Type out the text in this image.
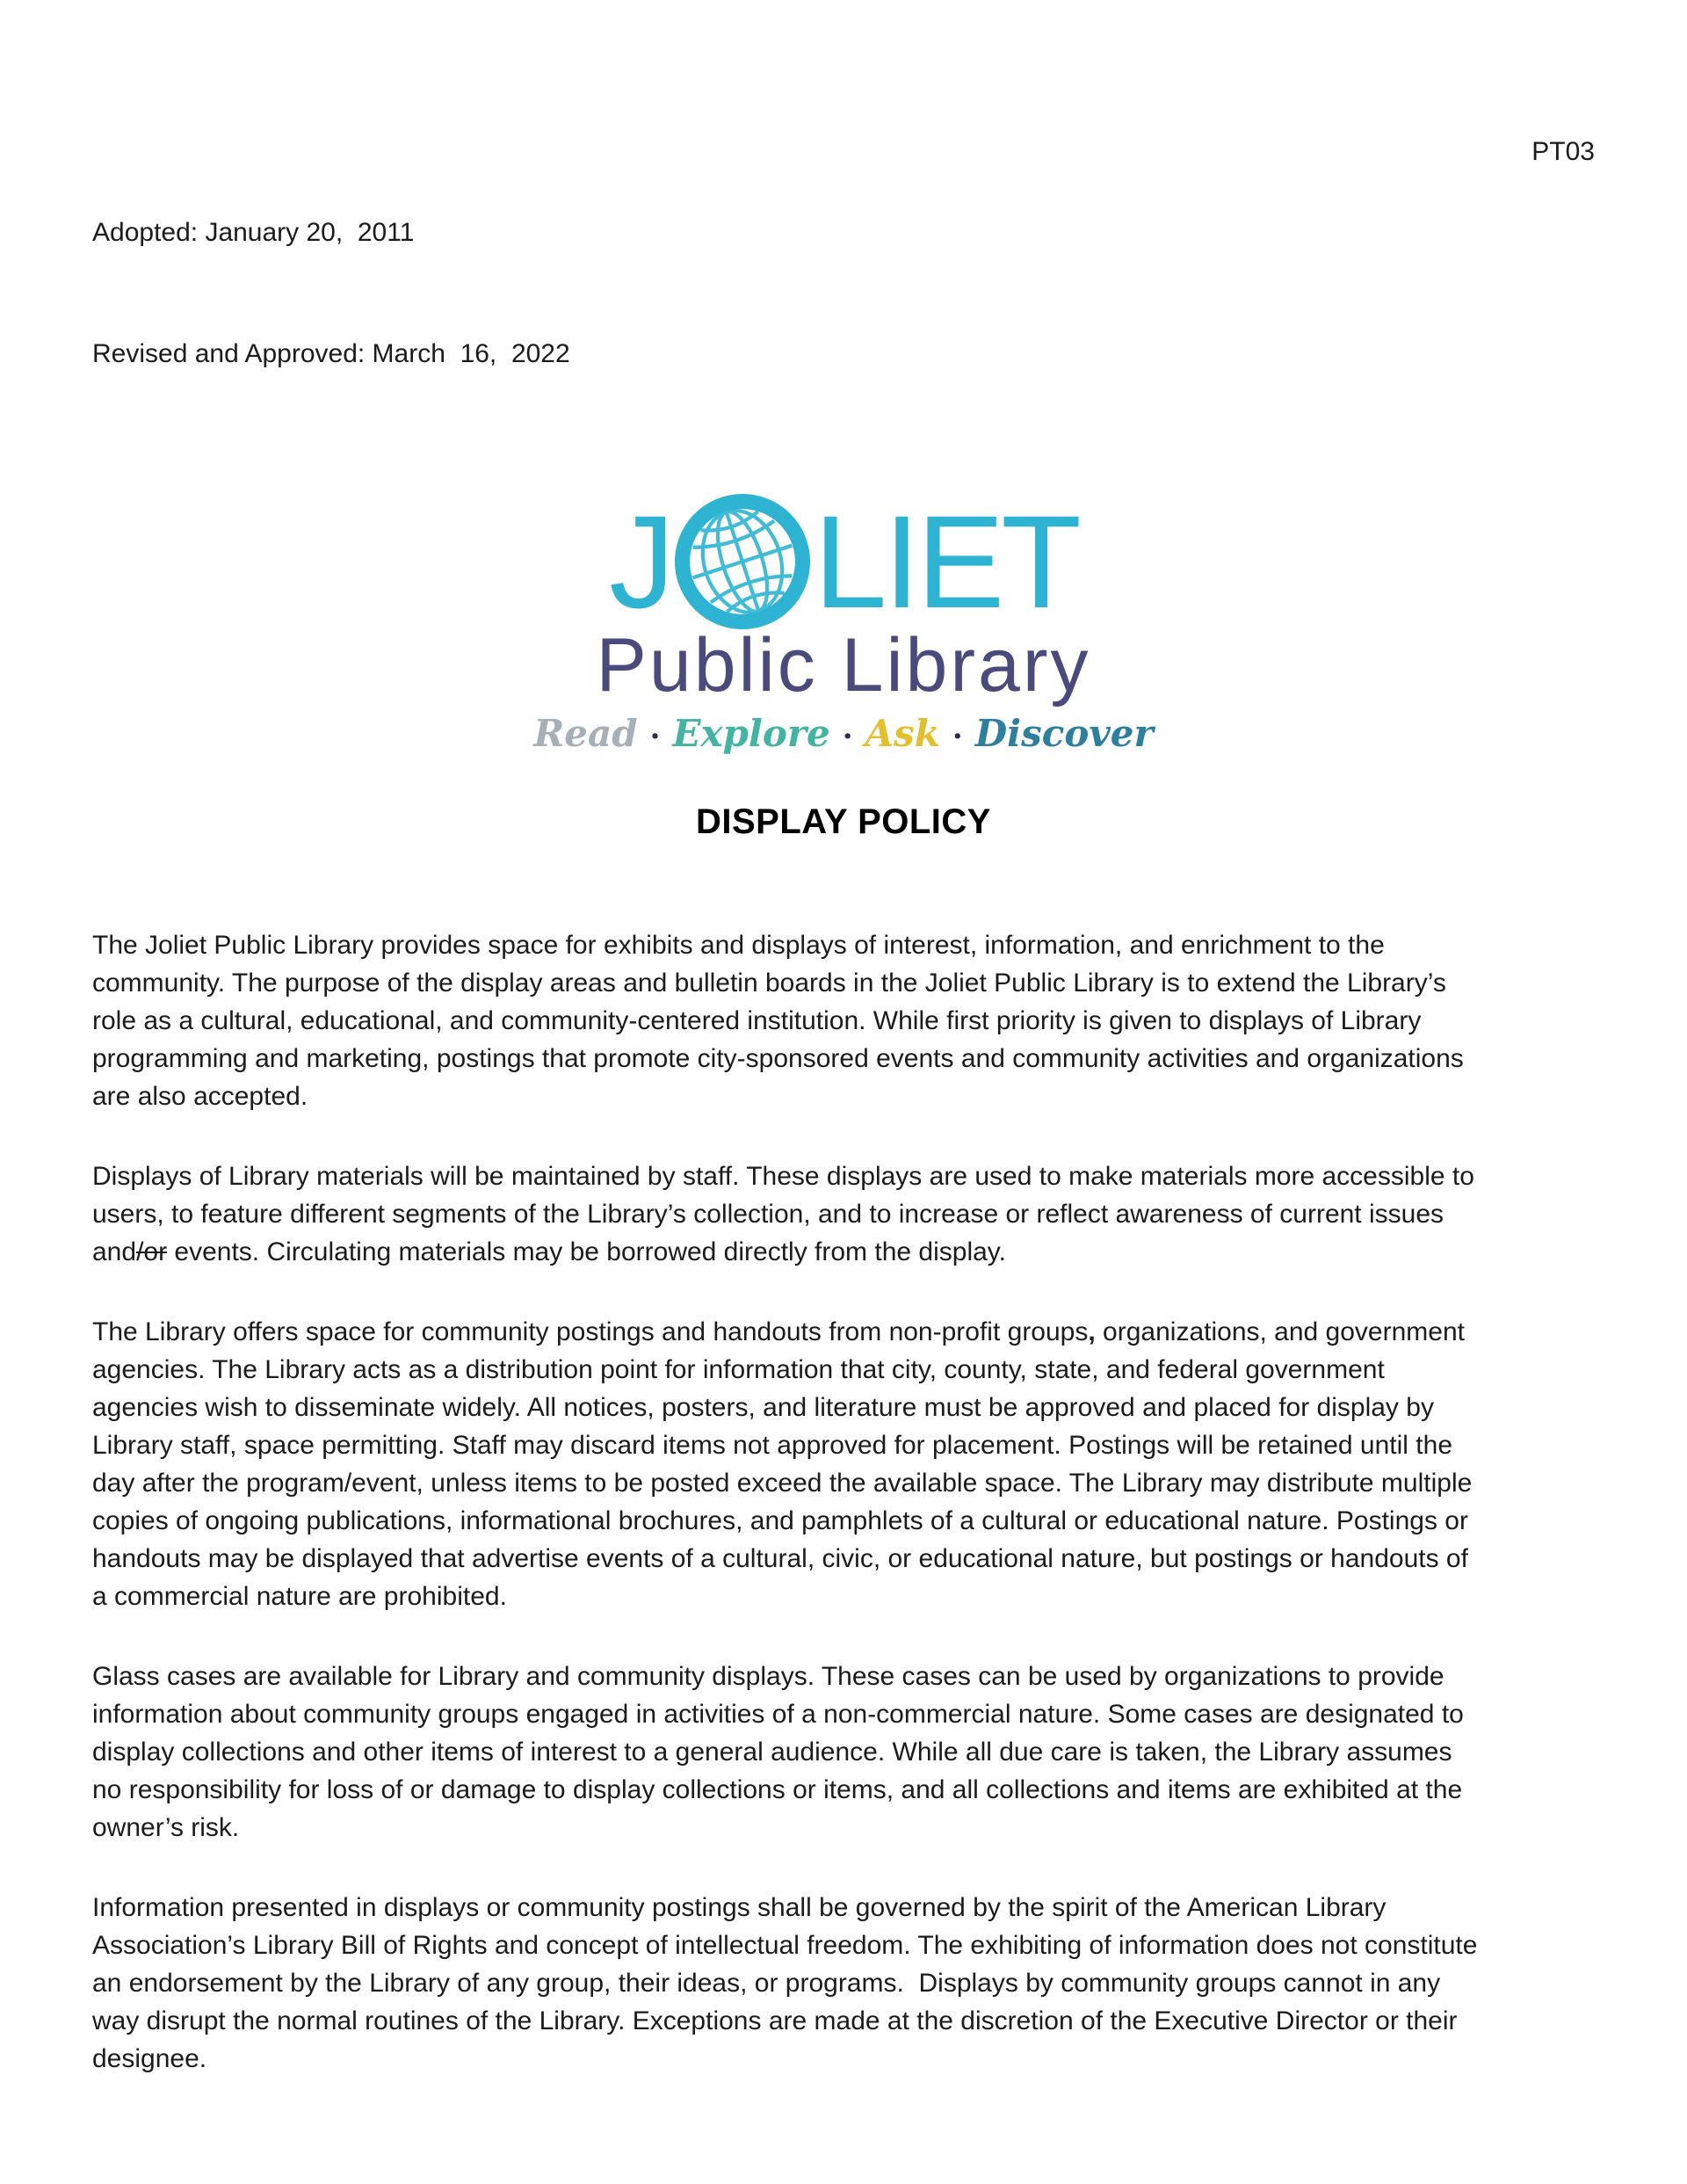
Adopted: January 20,  2011

Revised and Approved: March  16,  2022

PT03
J LIET
Public Library
Read · Explore · Ask · Discover
DISPLAY POLICY

The Joliet Public Library provides space for exhibits and displays of interest, information, and enrichment to the community. The purpose of the display areas and bulletin boards in the Joliet Public Library is to extend the Library’s role as a cultural, educational, and community-centered institution. While first priority is given to displays of Library programming and marketing, postings that promote city-sponsored events and community activities and organizations are also accepted.

Displays of Library materials will be maintained by staff. These displays are used to make materials more accessible to users, to feature different segments of the Library’s collection, and to increase or reflect awareness of current issues and/or events. Circulating materials may be borrowed directly from the display.

The Library offers space for community postings and handouts from non-profit groups, organizations, and government agencies. The Library acts as a distribution point for information that city, county, state, and federal government agencies wish to disseminate widely. All notices, posters, and literature must be approved and placed for display by Library staff, space permitting. Staff may discard items not approved for placement. Postings will be retained until the day after the program/event, unless items to be posted exceed the available space. The Library may distribute multiple copies of ongoing publications, informational brochures, and pamphlets of a cultural or educational nature. Postings or handouts may be displayed that advertise events of a cultural, civic, or educational nature, but postings or handouts of a commercial nature are prohibited.

Glass cases are available for Library and community displays. These cases can be used by organizations to provide information about community groups engaged in activities of a non-commercial nature. Some cases are designated to display collections and other items of interest to a general audience. While all due care is taken, the Library assumes no responsibility for loss of or damage to display collections or items, and all collections and items are exhibited at the owner’s risk.

Information presented in displays or community postings shall be governed by the spirit of the American Library Association’s Library Bill of Rights and concept of intellectual freedom. The exhibiting of information does not constitute an endorsement by the Library of any group, their ideas, or programs.  Displays by community groups cannot in any way disrupt the normal routines of the Library. Exceptions are made at the discretion of the Executive Director or their designee.
